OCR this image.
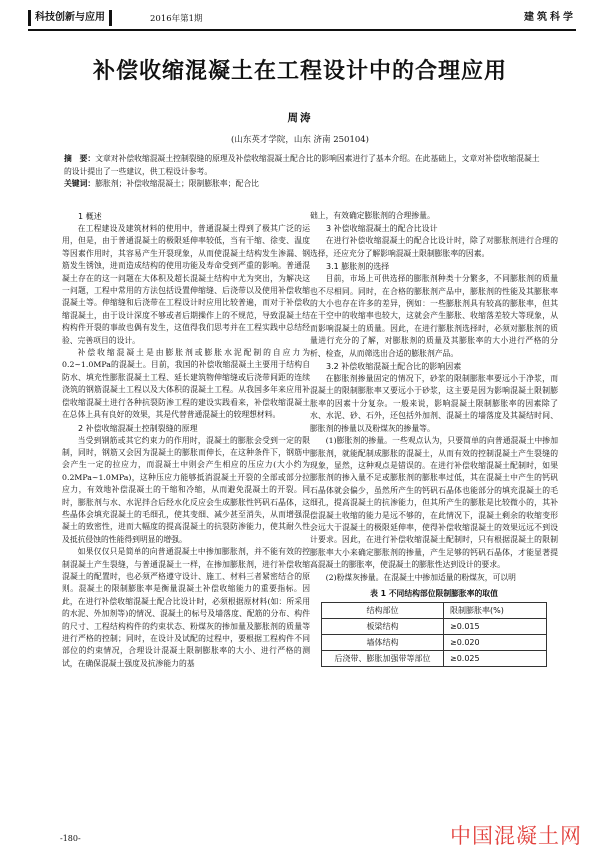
科技创新与应用	2016年第1期	建筑科学
补偿收缩混凝土在工程设计中的合理应用
周涛
(山东英才学院，山东 济南 250104)
摘　要：文章对补偿收缩混凝土控制裂缝的原理及补偿收缩混凝土配合比的影响因素进行了基本介绍。在此基础上，文章对补偿收缩混凝土的设计提出了一些建议，供工程设计参考。
关键词：膨胀剂；补偿收缩混凝土；限制膨胀率；配合比
1 概述

在工程建设及建筑材料的使用中，普通混凝土得到了极其广泛的运用，但是，由于普通混凝土的极限延伸率较低，当有干缩、徐变、温度等因素作用时，其容易产生开裂现象，从而使混凝土结构发生渗漏、钢筋发生锈蚀，进而造成结构的使用功能及寿命受到严重的影响。普通混凝土存在的这一问题在大体积及超长混凝土结构中尤为突出，为解决这一问题，工程中常用的方法包括设置伸缩缝、后浇带以及使用补偿收缩混凝土等。伸缩缝和后浇带在工程设计时应用比较普遍，而对于补偿收缩混凝土，由于设计深度不够或者后期操作上的不规范，导致混凝土结构构件开裂的事故也偶有发生，这值得我们思考并在工程实践中总结经验、完善项目的设计。

补偿收缩混凝土是由膨胀剂或膨胀水泥配制的自应力为0.2~1.0MPa的混凝土。目前，我国的补偿收缩混凝土主要用于结构自防水、填充性膨胀混凝土工程、延长建筑物伸缩缝或后浇带间距的连续浇筑的钢筋混凝土工程以及大体积的混凝土工程。从我国多年来应用补偿收缩混凝土进行各种抗裂防渗工程的建设实践看来，补偿收缩混凝土在总体上具有良好的效果，其是代替普通混凝土的较理想材料。

2 补偿收缩混凝土控制裂缝的原理

当受到钢筋或其它约束力的作用时，混凝土的膨胀会受到一定的限制，同时，钢筋又会因为混凝土的膨胀而伸长，在这种条件下，钢筋中会产生一定的拉应力，而混凝土中则会产生相应的压应力(大小约为0.2MPa~1.0MPa)，这种压应力能够抵消混凝土开裂的全部或部分拉应力，有效地补偿混凝土的干缩和冷缩，从而避免混凝土的开裂。同时，膨胀剂与水、水泥拌合后经水化反应会生成膨胀性钙矾石晶体，这些晶体会填充混凝土的毛细孔，使其变细、减少甚至消失，从而增强混凝土的致密性，进而大幅度的提高混凝土的抗裂防渗能力，使其耐久性及抵抗侵蚀的性能得到明显的增强。

如果仅仅只是简单的向普通混凝土中掺加膨胀剂，并不能有效的控制混凝土产生裂缝，与普通混凝土一样，在掺加膨胀剂，进行补偿收缩混凝土的配置时，也必须严格遵守设计、施工、材料三者紧密结合的原则。混凝土的限制膨胀率是衡量混凝土补偿收缩能力的重要指标。因此，在进行补偿收缩混凝土配合比设计时，必须根据原材料(如：所采用的水泥、外加剂等)的情况、混凝土的标号及墙落度、配筋的分布、构件的尺寸、工程结构构件的约束状态、粉煤灰的掺加量及膨胀剂的质量等进行严格的控制；同时，在设计及试配的过程中，要根据工程构件不同部位的约束情况，合理设计混凝土限制膨胀率的大小、进行严格的测试，在确保混凝土强度及抗渗能力的基

础上，有效确定膨胀剂的合理掺量。
3 补偿收缩混凝土的配合比设计

在进行补偿收缩混凝土的配合比设计时，除了对膨胀剂进行合理的选择，还应充分了解影响混凝土限制膨胀率的因素。

3.1 膨胀剂的选择

目前，市场上可供选择的膨胀剂种类十分繁多，不同膨胀剂的质量也不尽相同。同时，在合格的膨胀剂产品中，膨胀剂的性能及其膨胀率的大小也存在许多的差异，例如：一些膨胀剂具有较高的膨胀率，但其在干空中的收缩率也较大，这就会产生膨胀、收缩落差较大等现象，从而影响混凝土的质量。因此，在进行膨胀剂选择时，必须对膨胀剂的质量进行充分的了解，对膨胀剂的质量及其膨胀率的大小进行严格的分析、检查，从而筛选出合适的膨胀剂产品。

3.2 补偿收缩混凝土配合比的影响因素

在膨胀剂掺量固定的情况下，砂浆的限制膨胀率要远小于净浆，而混凝土的限制膨胀率又要远小于砂浆，这主要是因为影响混凝土限制膨胀率的因素十分复杂。一般来说，影响混凝土限制膨胀率的因素除了水、水泥、砂、石外，还包括外加剂、混凝土的墙落度及其凝结时间、膨胀剂的掺量以及粉煤灰的掺量等。

(1)膨胀剂的掺量。一些观点认为，只要简单的向普通混凝土中掺加膨胀剂，就能配制成膨胀的混凝土，从而有效的控制混凝土产生裂缝的现象，显然，这种观点是错误的。在进行补偿收缩混凝土配制时，如果膨胀剂的掺入量不足或膨胀剂的膨胀率过低，其在混凝土中产生的钙矾石晶体就会偏少，虽然所产生的钙矾石晶体也能部分的填充混凝土的毛细孔，提高混凝土的抗渗能力，但其所产生的膨胀是比较微小的，其补偿混凝土收缩的能力是远不够的，在此情况下，混凝土剩余的收缩变形会远大于混凝土的极限延伸率，使得补偿收缩混凝土的效果远远不到设计要求。因此，在进行补偿收缩混凝土配制时，只有根据混凝土的限制膨胀率大小来确定膨胀剂的掺量，产生足够的钙矾石晶体，才能显著提高混凝土的膨胀率，使混凝土的膨胀性达到设计的要求。

(2)粉煤灰掺量。在混凝土中掺加适量的粉煤灰，可以明

表 1 不同结构部位限制膨胀率的取值
结构部位	限制膨胀率(%)
板梁结构	≥0.015
墙体结构	≥0.020
后浇带、膨胀加强带等部位	≥0.025
-180-	中国混凝土网
